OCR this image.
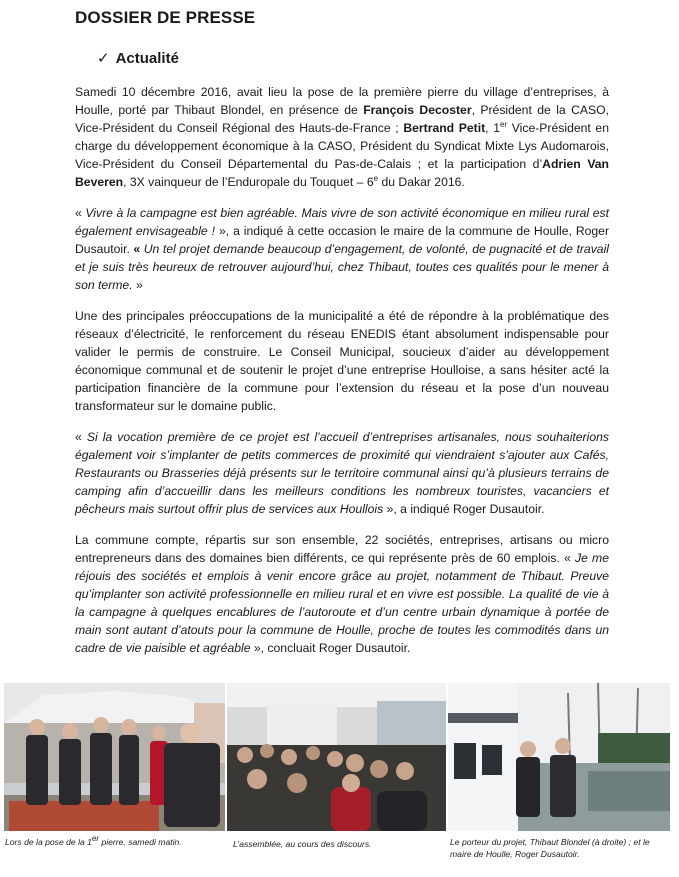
DOSSIER DE PRESSE
✓ Actualité

Samedi 10 décembre 2016, avait lieu la pose de la première pierre du village d’entreprises, à Houlle, porté par Thibaut Blondel, en présence de François Decoster, Président de la CASO, Vice-Président du Conseil Régional des Hauts-de-France ; Bertrand Petit, 1er Vice-Président en charge du développement économique à la CASO, Président du Syndicat Mixte Lys Audomarois, Vice-Président du Conseil Départemental du Pas-de-Calais ; et la participation d’Adrien Van Beveren, 3X vainqueur de l’Enduropale du Touquet – 6e du Dakar 2016.

« Vivre à la campagne est bien agréable. Mais vivre de son activité économique en milieu rural est également envisageable ! », a indiqué à cette occasion le maire de la commune de Houlle, Roger Dusautoir. « Un tel projet demande beaucoup d’engagement, de volonté, de pugnacité et de travail et je suis très heureux de retrouver aujourd’hui, chez Thibaut, toutes ces qualités pour le mener à son terme. »

Une des principales préoccupations de la municipalité a été de répondre à la problématique des réseaux d’électricité, le renforcement du réseau ENEDIS étant absolument indispensable pour valider le permis de construire. Le Conseil Municipal, soucieux d’aider au développement économique communal et de soutenir le projet d’une entreprise Houlloise, a sans hésiter acté la participation financière de la commune pour l’extension du réseau et la pose d’un nouveau transformateur sur le domaine public.

« Si la vocation première de ce projet est l’accueil d’entreprises artisanales, nous souhaiterions également voir s’implanter de petits commerces de proximité qui viendraient s’ajouter aux Cafés, Restaurants ou Brasseries déjà présents sur le territoire communal ainsi qu’à plusieurs terrains de camping afin d’accueillir dans les meilleurs conditions les nombreux touristes, vacanciers et pêcheurs mais surtout offrir plus de services aux Houllois », a indiqué Roger Dusautoir.

La commune compte, répartis sur son ensemble, 22 sociétés, entreprises, artisans ou micro entrepreneurs dans des domaines bien différents, ce qui représente près de 60 emplois. « Je me réjouis des sociétés et emplois à venir encore grâce au projet, notamment de Thibaut. Preuve qu’implanter son activité professionnelle en milieu rural et en vivre est possible. La qualité de vie à la campagne à quelques encablures de l’autoroute et d’un centre urbain dynamique à portée de main sont autant d’atouts pour la commune de Houlle, proche de toutes les commodités dans un cadre de vie paisible et agréable », concluait Roger Dusautoir.

Lors de la pose de la 1er pierre, samedi matin.	L’assemblée, au cours des discours.	Le porteur du projet, Thibaut Blondel (à droite) ; et le maire de Houlle, Roger Dusautoir.
